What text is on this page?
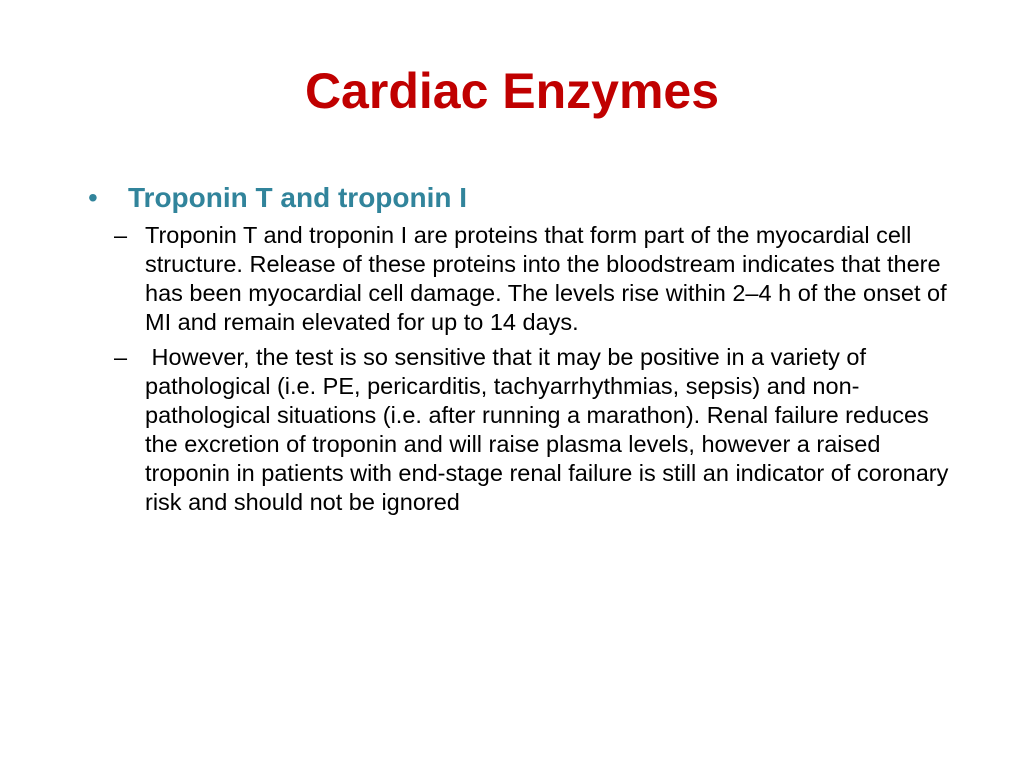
Cardiac Enzymes
• Troponin T and troponin I
– Troponin T and troponin I are proteins that form part of the myocardial cell structure. Release of these proteins into the bloodstream indicates that there has been myocardial cell damage. The levels rise within 2–4 h of the onset of MI and remain elevated for up to 14 days.
– However, the test is so sensitive that it may be positive in a variety of pathological (i.e. PE, pericarditis, tachyarrhythmias, sepsis) and non-pathological situations (i.e. after running a marathon). Renal failure reduces the excretion of troponin and will raise plasma levels, however a raised troponin in patients with end-stage renal failure is still an indicator of coronary risk and should not be ignored
